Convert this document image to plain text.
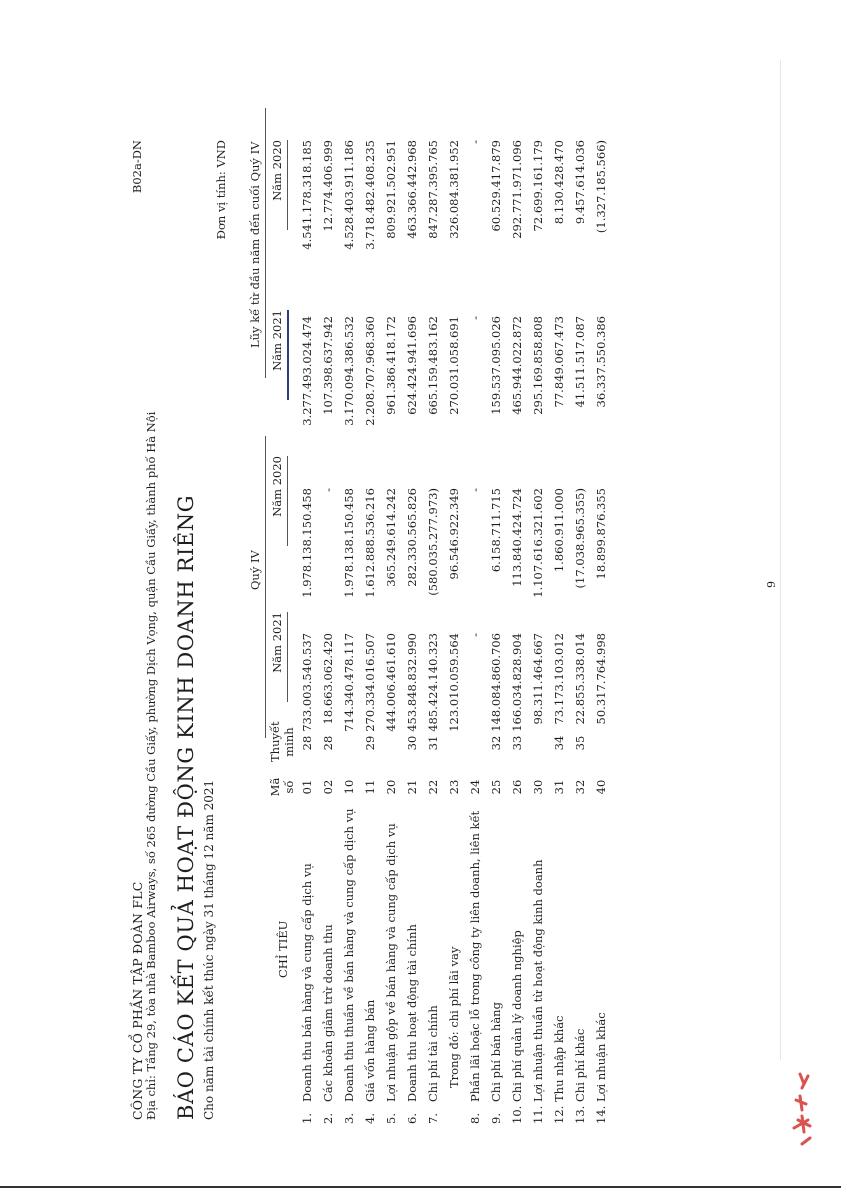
CÔNG TY CỔ PHẦN TẬP ĐOÀN FLC Địa chỉ: Tầng 29, tòa nhà Bamboo Airways, số 265 đường Cầu Giấy, phường Dịch Vọng, quận Cầu Giấy, thành phố Hà Nội
B02a-DN
BÁO CÁO KẾT QUẢ HOẠT ĐỘNG KINH DOANH RIÊNG Cho năm tài chính kết thúc ngày 31 tháng 12 năm 2021
Đơn vị tính: VND
Quý IV
Lũy kế từ đầu năm đến cuối Quý IV
CHỈ TIÊU
Mã số
Thuyết minh
Năm 2021
Năm 2020
Năm 2021
Năm 2020
1.
Doanh thu bán hàng và cung cấp dịch vụ
01
28
733.003.540.537
1.978.138.150.458
3.277.493.024.474
4.541.178.318.185
2.
Các khoản giảm trừ doanh thu
02
28
18.663.062.420
-
107.398.637.942
12.774.406.999
3.
Doanh thu thuần về bán hàng và cung cấp dịch vụ
10
714.340.478.117
1.978.138.150.458
3.170.094.386.532
4.528.403.911.186
4.
Giá vốn hàng bán
11
29
270.334.016.507
1.612.888.536.216
2.208.707.968.360
3.718.482.408.235
5.
Lợi nhuận gộp về bán hàng và cung cấp dịch vụ
20
444.006.461.610
365.249.614.242
961.386.418.172
809.921.502.951
6.
Doanh thu hoạt động tài chính
21
30
453.848.832.990
282.330.565.826
624.424.941.696
463.366.442.968
7.
Chi phí tài chính
22
31
485.424.140.323
(580.035.277.973)
665.159.483.162
847.287.395.765
Trong đó: chi phí lãi vay
23
123.010.059.564
96.546.922.349
270.031.058.691
326.084.381.952
8.
Phần lãi hoặc lỗ trong công ty liên doanh, liên kết
24
-
-
-
-
9.
Chi phí bán hàng
25
32
148.084.860.706
6.158.711.715
159.537.095.026
60.529.417.879
10.
Chi phí quản lý doanh nghiệp
26
33
166.034.828.904
113.840.424.724
465.944.022.872
292.771.971.096
11.
Lợi nhuận thuần từ hoạt động kinh doanh
30
98.311.464.667
1.107.616.321.602
295.169.858.808
72.699.161.179
12.
Thu nhập khác
31
34
73.173.103.012
1.860.911.000
77.849.067.473
8.130.428.470
13.
Chi phí khác
32
35
22.855.338.014
(17.038.965.355)
41.511.517.087
9.457.614.036
14.
Lợi nhuận khác
40
50.317.764.998
18.899.876.355
36.337.550.386
(1.327.185.566)
9
